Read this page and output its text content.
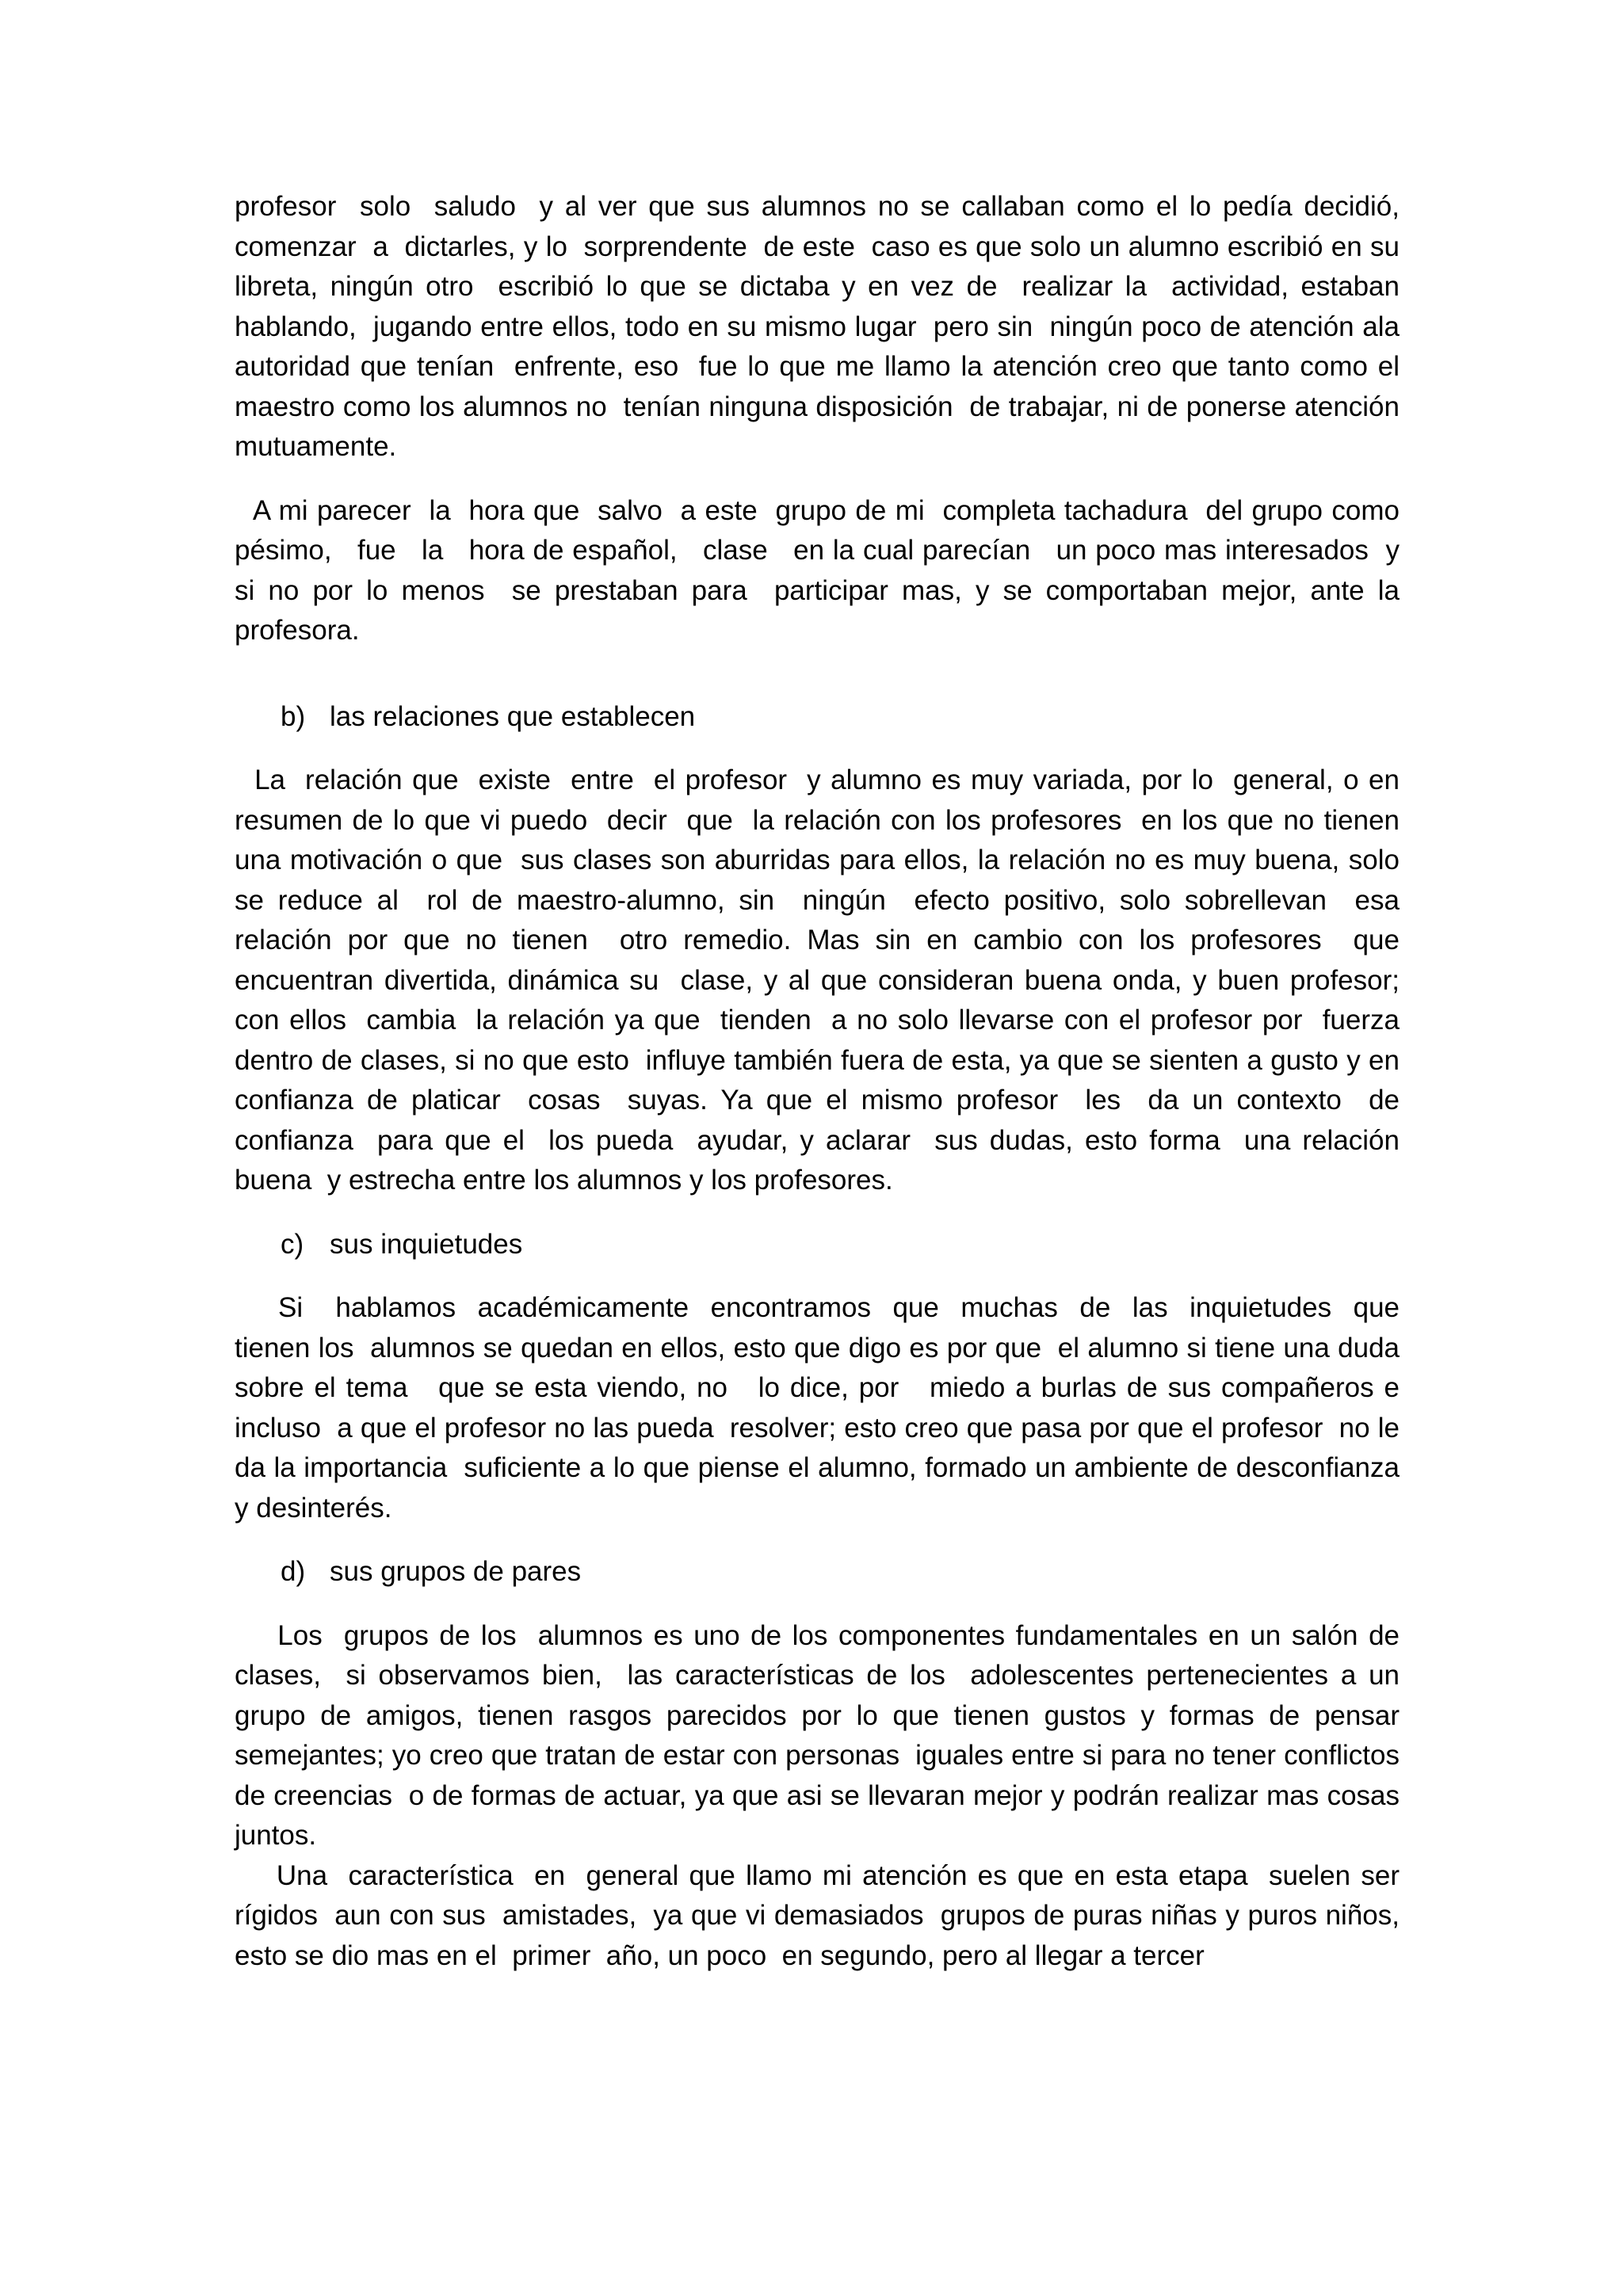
profesor  solo  saludo  y al ver que sus alumnos no se callaban como el lo pedía decidió, comenzar  a  dictarles, y lo  sorprendente  de este  caso es que solo un alumno escribió en su libreta, ningún otro  escribió lo que se dictaba y en vez de  realizar la  actividad, estaban hablando,  jugando entre ellos, todo en su mismo lugar  pero sin  ningún poco de atención ala autoridad que tenían  enfrente, eso  fue lo que me llamo la atención creo que tanto como el  maestro como los alumnos no  tenían ninguna disposición  de trabajar, ni de ponerse atención mutuamente.

A mi parecer  la  hora que  salvo  a este  grupo de mi  completa tachadura  del grupo como pésimo,   fue   la   hora de español,   clase   en la cual parecían   un poco mas interesados  y si no por lo menos  se prestaban para  participar mas, y se comportaban mejor, ante la profesora.

b) las relaciones que establecen

La  relación que  existe  entre  el profesor  y alumno es muy variada, por lo  general, o en  resumen de lo que vi puedo  decir  que  la relación con los profesores  en los que no tienen  una motivación o que  sus clases son aburridas para ellos, la relación no es muy buena, solo se reduce al  rol de maestro-alumno, sin  ningún  efecto positivo, solo sobrellevan  esa relación por que no tienen  otro remedio. Mas sin en cambio con los profesores  que encuentran divertida, dinámica su  clase, y al que consideran buena onda, y buen profesor;  con ellos  cambia  la relación ya que  tienden  a no solo llevarse con el profesor por  fuerza dentro de clases, si no que esto  influye también fuera de esta, ya que se sienten a gusto y en confianza de platicar  cosas  suyas. Ya que el mismo profesor  les  da un contexto  de confianza  para que el  los pueda  ayudar, y aclarar  sus dudas, esto forma  una relación  buena  y estrecha entre los alumnos y los profesores.

c) sus inquietudes

Si   hablamos  académicamente  encontramos  que  muchas  de  las  inquietudes  que tienen los  alumnos se quedan en ellos, esto que digo es por que  el alumno si tiene una duda   sobre el tema   que se esta viendo, no   lo dice, por   miedo a burlas de sus compañeros e incluso  a que el profesor no las pueda  resolver; esto creo que pasa por que el profesor  no le da la importancia  suficiente a lo que piense el alumno, formado un ambiente de desconfianza  y desinterés.

d) sus grupos de pares

Los  grupos de los  alumnos es uno de los componentes fundamentales en un salón de clases,  si observamos bien,  las características de los  adolescentes pertenecientes a un grupo de amigos, tienen rasgos parecidos por lo que tienen gustos y formas de pensar semejantes; yo creo que tratan de estar con personas  iguales entre si para no tener conflictos de creencias  o de formas de actuar, ya que asi se llevaran mejor y podrán realizar mas cosas juntos.

Una  característica  en  general que llamo mi atención es que en esta etapa  suelen ser rígidos  aun con sus  amistades,  ya que vi demasiados  grupos de puras niñas y puros niños, esto se dio mas en el  primer  año, un poco  en segundo, pero al llegar a tercer
